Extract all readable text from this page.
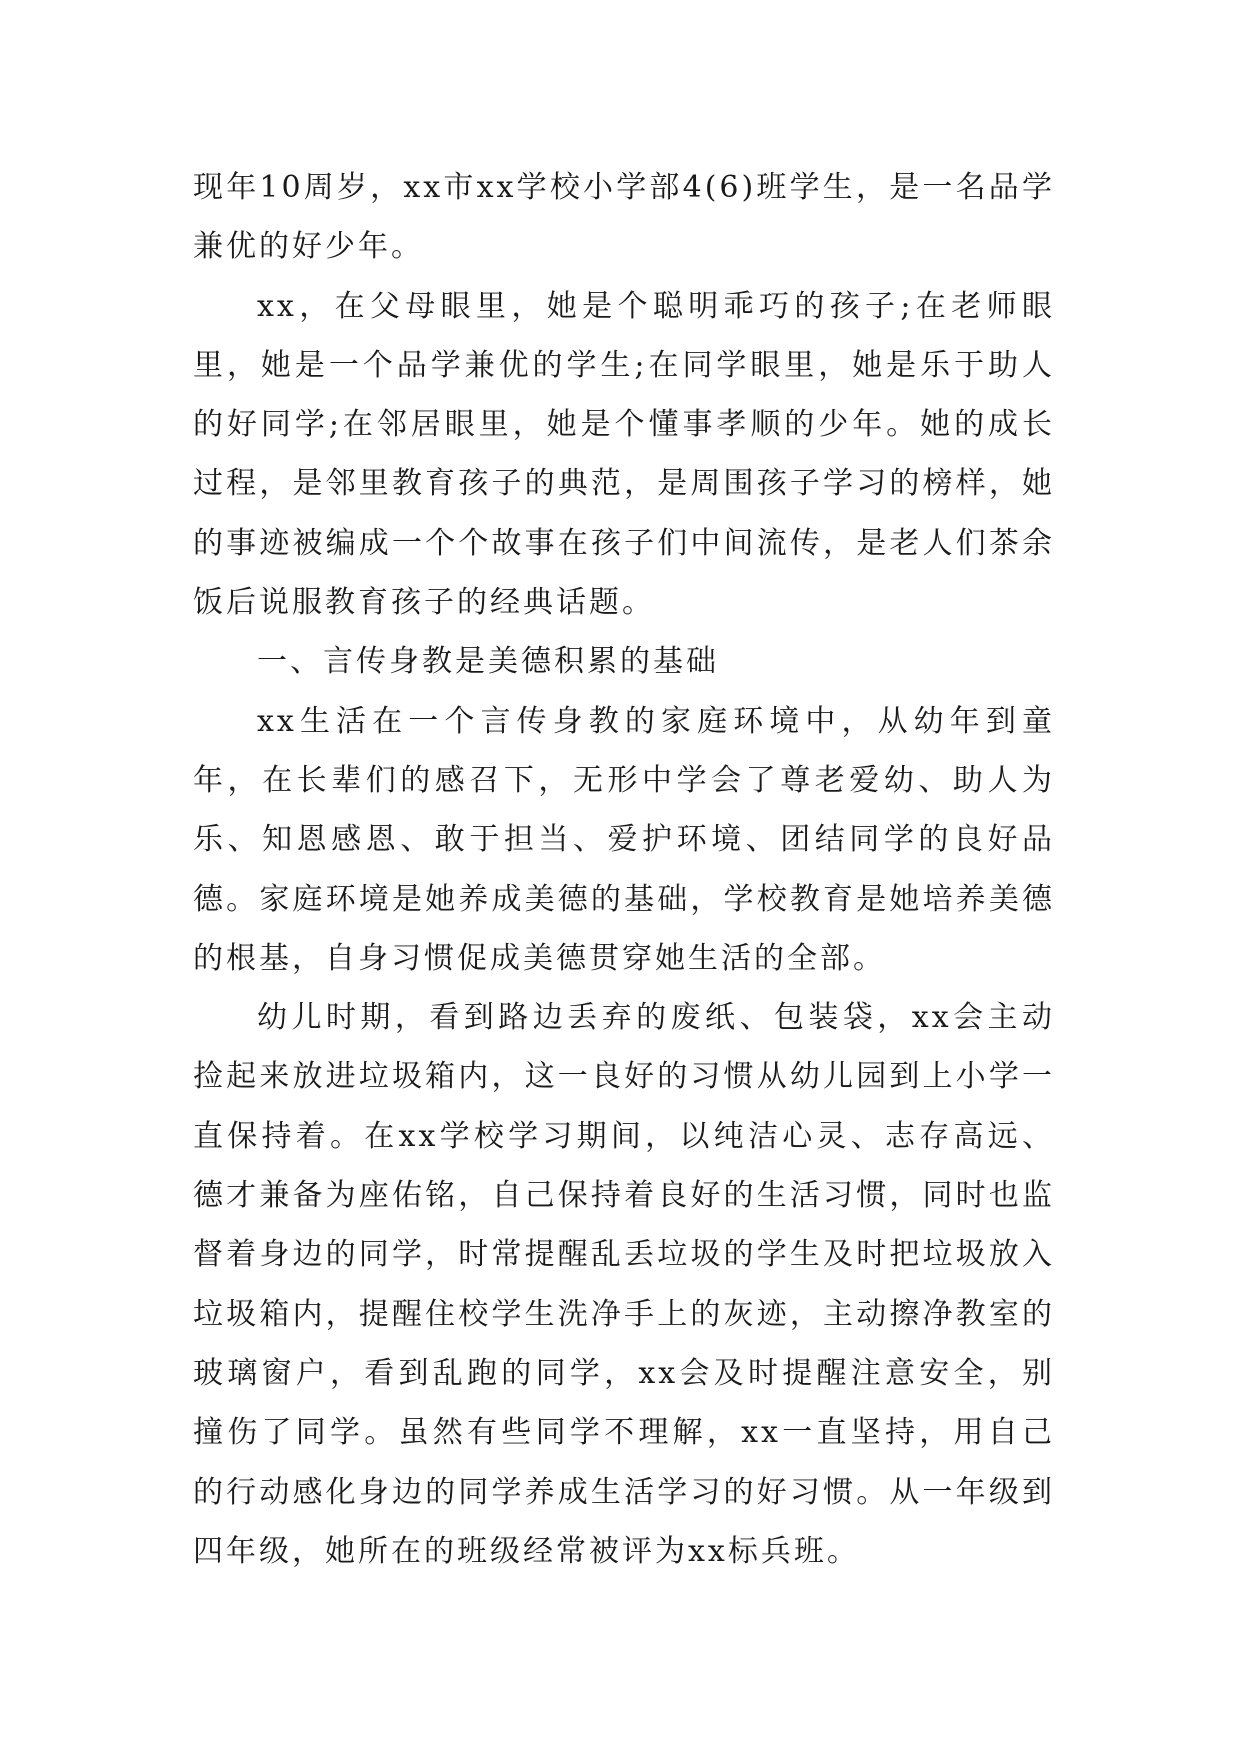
现年10周岁，xx市xx学校小学部4(6)班学生，是一名品学兼优的好少年。

xx，在父母眼里，她是个聪明乖巧的孩子;在老师眼里，她是一个品学兼优的学生;在同学眼里，她是乐于助人的好同学;在邻居眼里，她是个懂事孝顺的少年。她的成长过程，是邻里教育孩子的典范，是周围孩子学习的榜样，她的事迹被编成一个个故事在孩子们中间流传，是老人们茶余饭后说服教育孩子的经典话题。

一、言传身教是美德积累的基础

xx生活在一个言传身教的家庭环境中，从幼年到童年，在长辈们的感召下，无形中学会了尊老爱幼、助人为乐、知恩感恩、敢于担当、爱护环境、团结同学的良好品德。家庭环境是她养成美德的基础，学校教育是她培养美德的根基，自身习惯促成美德贯穿她生活的全部。

幼儿时期，看到路边丢弃的废纸、包装袋，xx会主动捡起来放进垃圾箱内，这一良好的习惯从幼儿园到上小学一直保持着。在xx学校学习期间，以纯洁心灵、志存高远、德才兼备为座佑铭，自己保持着良好的生活习惯，同时也监督着身边的同学，时常提醒乱丢垃圾的学生及时把垃圾放入垃圾箱内，提醒住校学生洗净手上的灰迹，主动擦净教室的玻璃窗户，看到乱跑的同学，xx会及时提醒注意安全，别撞伤了同学。虽然有些同学不理解，xx一直坚持，用自己的行动感化身边的同学养成生活学习的好习惯。从一年级到四年级，她所在的班级经常被评为xx标兵班。
